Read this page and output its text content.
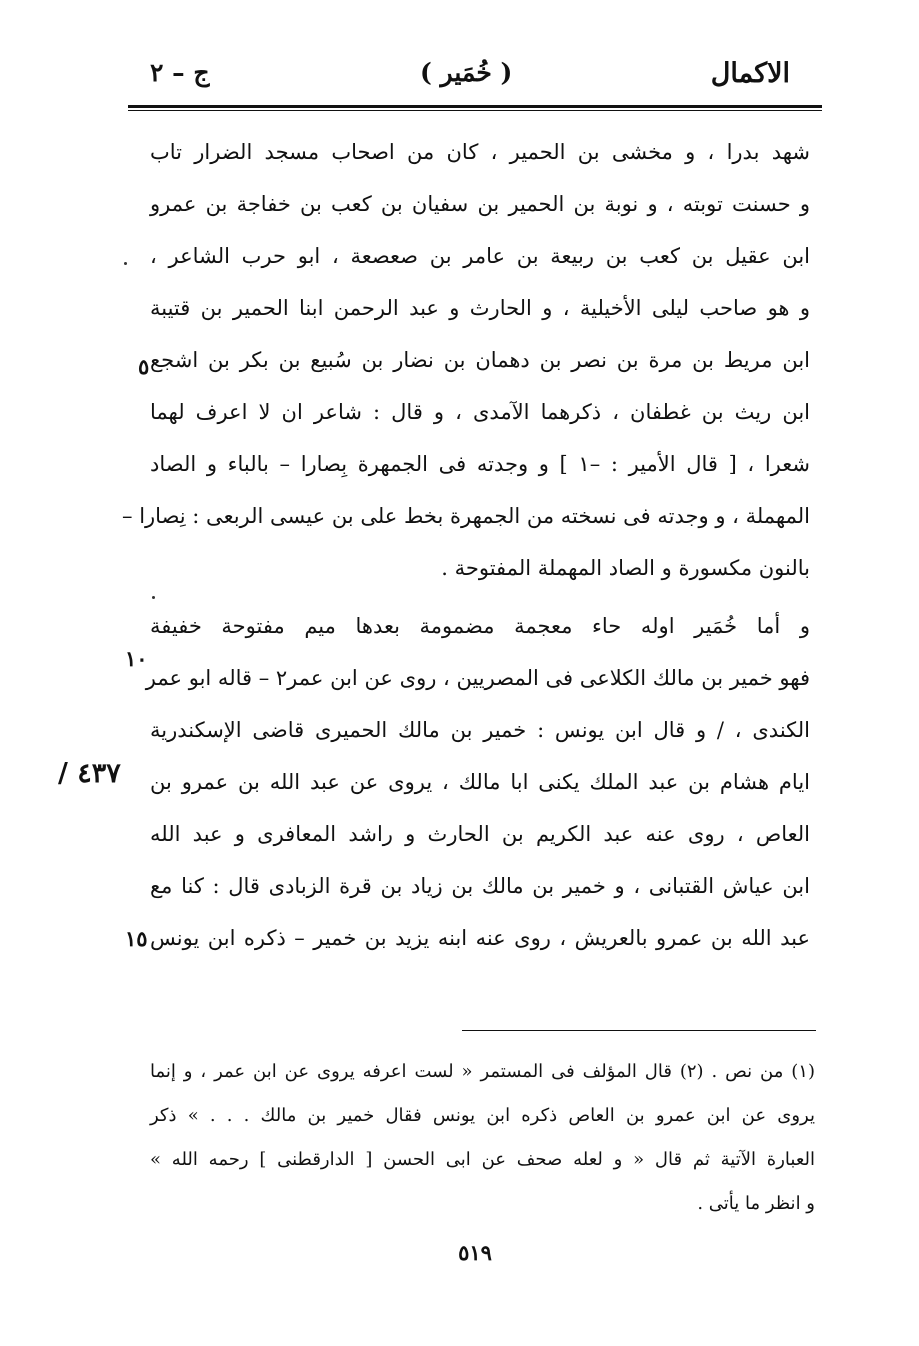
الاكمال
( خُمَير )
ج – ٢
شهد بدرا ، و مخشى بن الحمير ، كان من اصحاب مسجد الضرار تاب
و حسنت توبته ، و نوبة بن الحمير بن سفيان بن كعب بن خفاجة بن عمرو
ابن عقيل بن كعب بن ربيعة بن عامر بن صعصعة ، ابو حرب الشاعر ،
و هو صاحب ليلى الأخيلية ، و الحارث و عبد الرحمن ابنا الحمير بن قتيبة
ابن مريط بن مرة بن نصر بن دهمان بن نضار بن سُبيع بن بكر بن اشجع
ابن ريث بن غطفان ، ذكرهما الآمدى ، و قال : شاعر ان لا اعرف لهما
شعرا ، [ قال الأمير : –١ ] و وجدته فى الجمهرة بِصارا – بالباء و الصاد
المهملة ، و وجدته فى نسخته من الجمهرة بخط على بن عيسى الربعى : نِصارا –
بالنون مكسورة و الصاد المهملة المفتوحة .
و أما خُمَير اوله حاء معجمة مضمومة بعدها ميم مفتوحة خفيفة
فهو خمير بن مالك الكلاعى فى المصريين ، روى عن ابن عمر٢ – قاله ابو عمر
الكندى ، / و قال ابن يونس : خمير بن مالك الحميرى قاضى الإسكندرية
ايام هشام بن عبد الملك يكنى ابا مالك ، يروى عن عبد الله بن عمرو بن
العاص ، روى عنه عبد الكريم بن الحارث و راشد المعافرى و عبد الله
ابن عياش القتبانى ، و خمير بن مالك بن زياد بن قرة الزبادى قال : كنا مع
عبد الله بن عمرو بالعريش ، روى عنه ابنه يزيد بن خمير – ذكره ابن يونس
٥
١٠
١٥
٤٣٧ /
(١) من نص . (٢) قال المؤلف فى المستمر « لست اعرفه يروى عن ابن عمر ، و إنما
يروى عن ابن عمرو بن العاص ذكره ابن يونس فقال خمير بن مالك . . . » ذكر
العبارة الآتية ثم قال « و لعله صحف عن ابى الحسن [ الدارقطنى ] رحمه الله »
و انظر ما يأتى .
٥١٩
